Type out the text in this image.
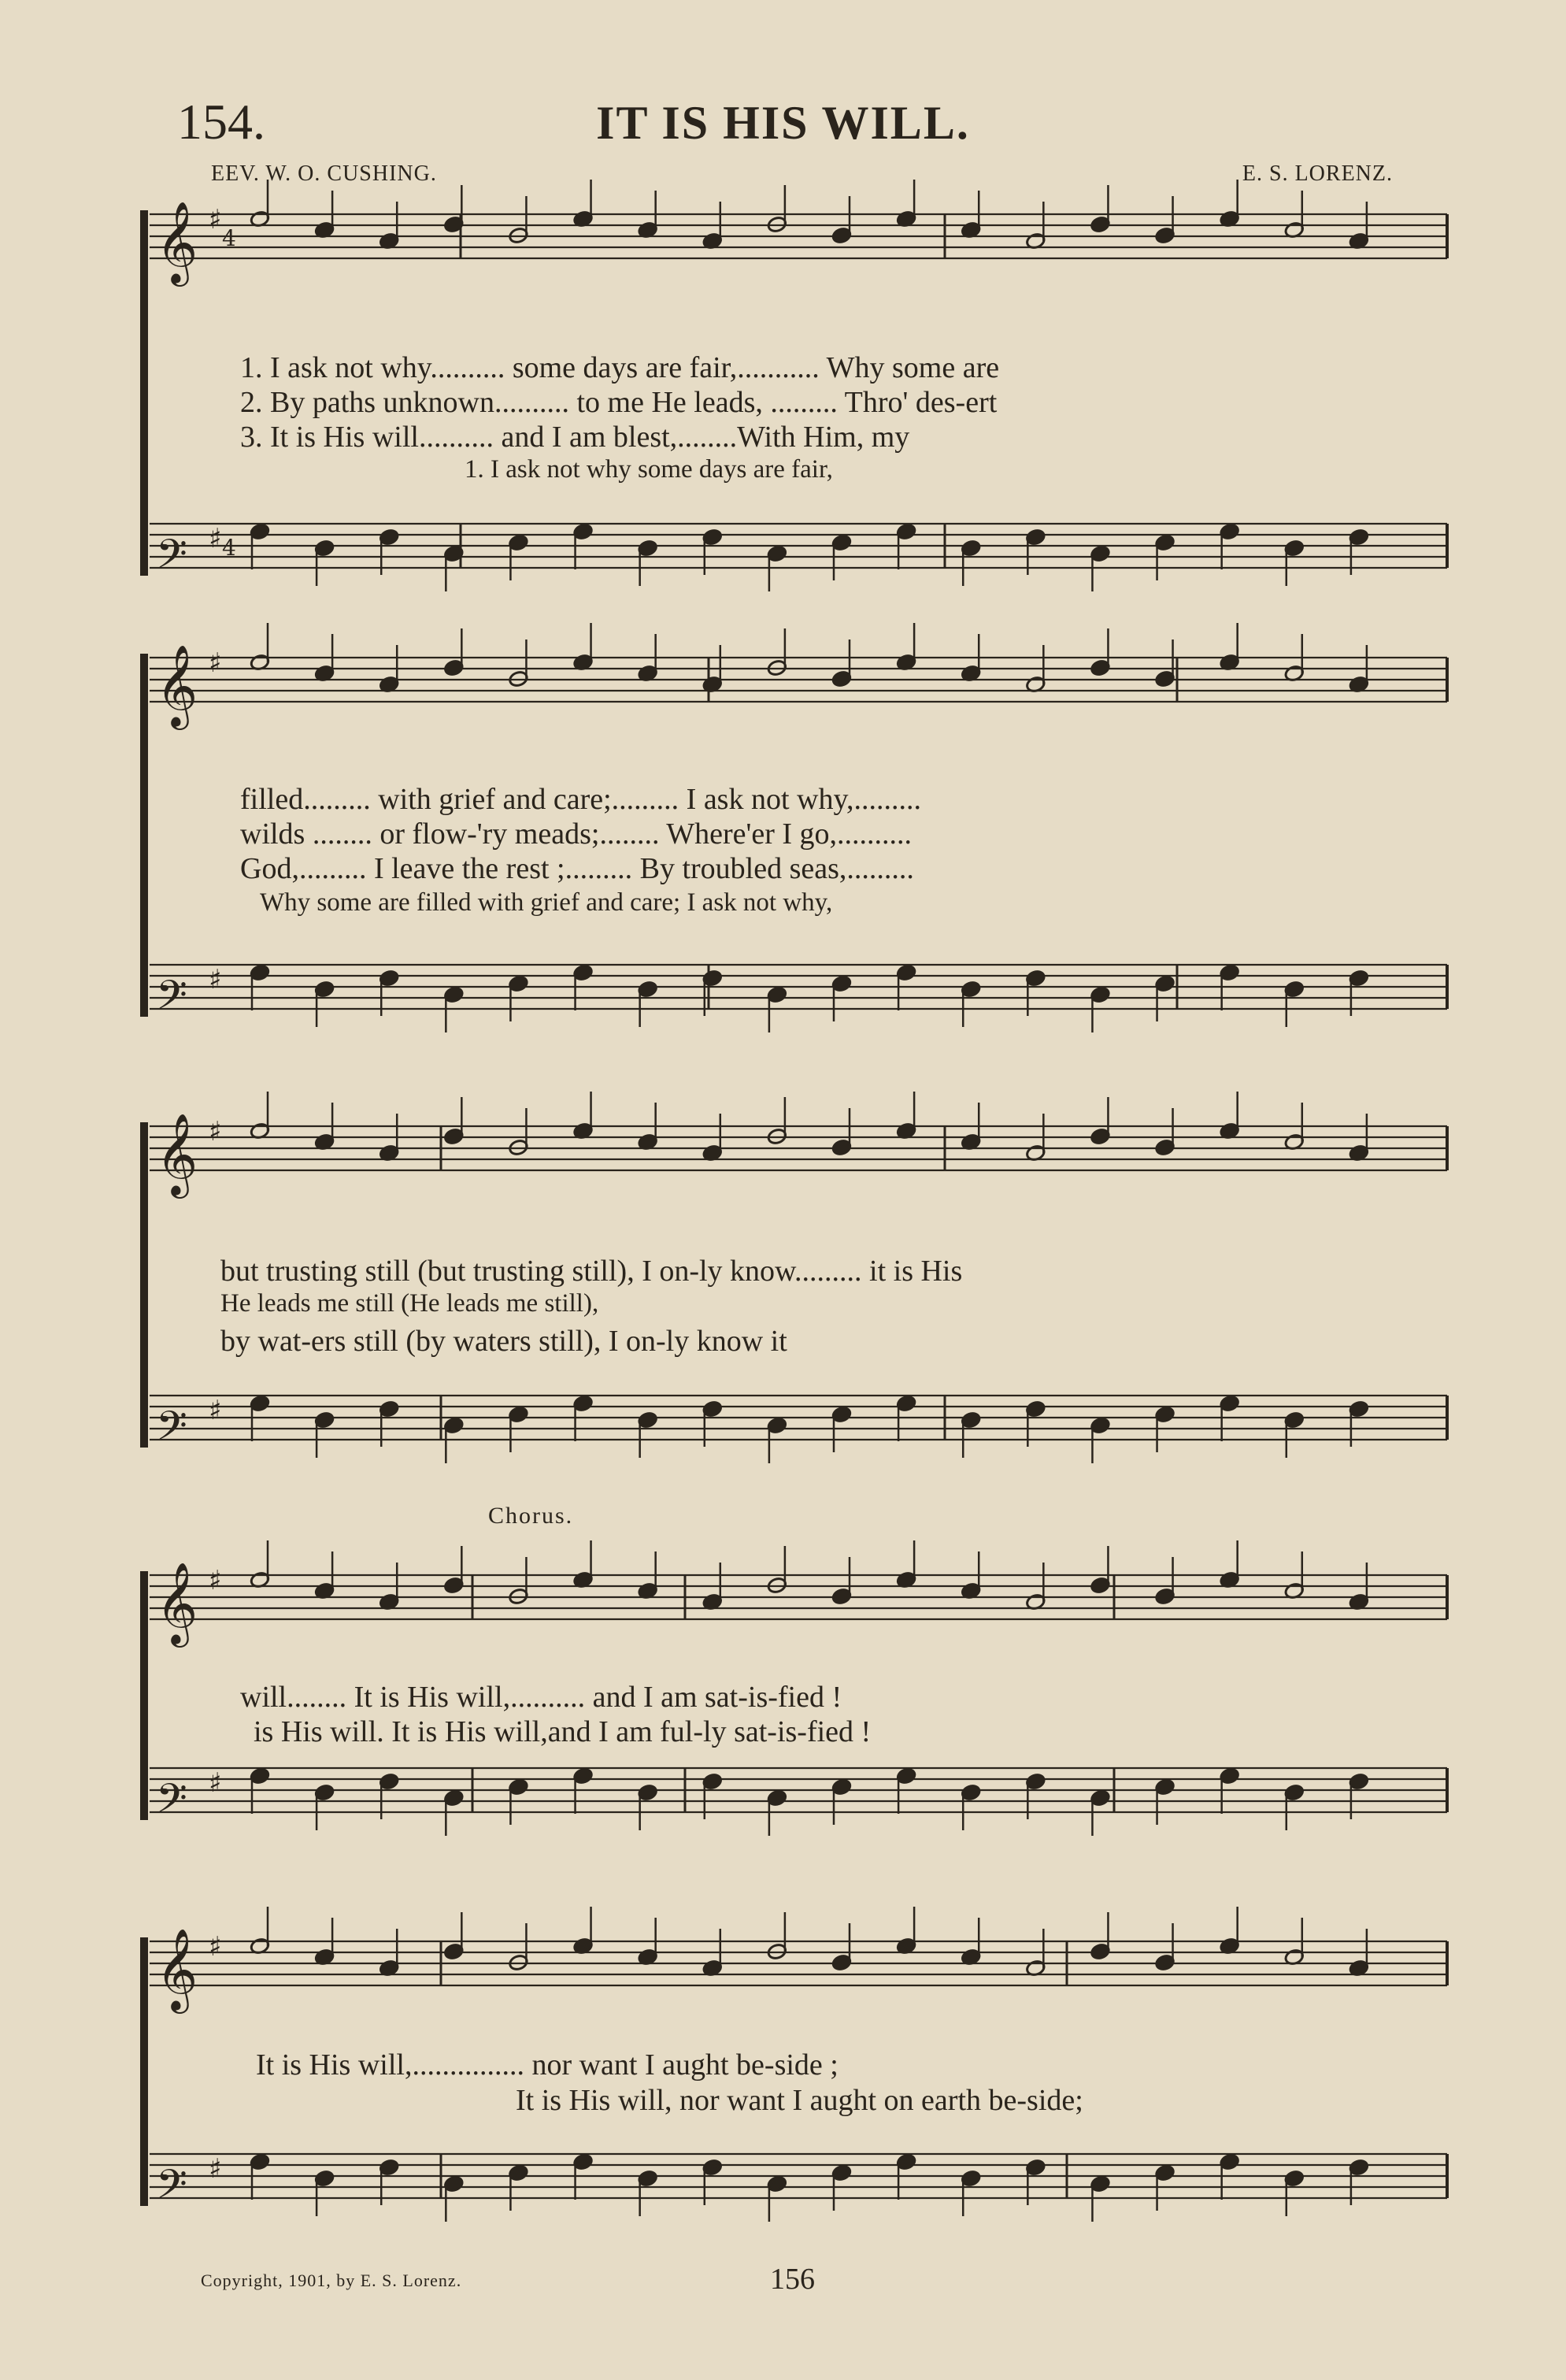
154.	IT IS HIS WILL.
EEV. W. O. CUSHING.	E. S. LORENZ.
𝄞 ♯
4
𝄢 ♯ 4
𝄞 ♯
𝄢 ♯
𝄞 ♯
𝄢 ♯
𝄞 ♯
𝄢 ♯
𝄞 ♯
𝄢 ♯
1. I ask not why.......... some days are fair,........... Why some are
2. By paths unknown.......... to me He leads, ......... Thro' des-ert
3. It is His will.......... and I am blest,........With Him, my
1. I ask not why some days are fair,
filled......... with grief and care;......... I ask not why,.........
wilds ........ or flow-'ry meads;........ Where'er I go,..........
God,......... I leave the rest ;......... By troubled seas,.........
Why some are filled with grief and care; I ask not why,
but trusting still (but trusting still), I on-ly know......... it is His
He leads me still (He leads me still),
by wat-ers still (by waters still), I on-ly know it
Chorus.
will........ It is His will,.......... and I am sat-is-fied !
is His will. It is His will,and I am ful-ly sat-is-fied !
It is His will,............... nor want I aught be-side ;
It is His will, nor want I aught on earth be-side;
Copyright, 1901, by E. S. Lorenz.	156
